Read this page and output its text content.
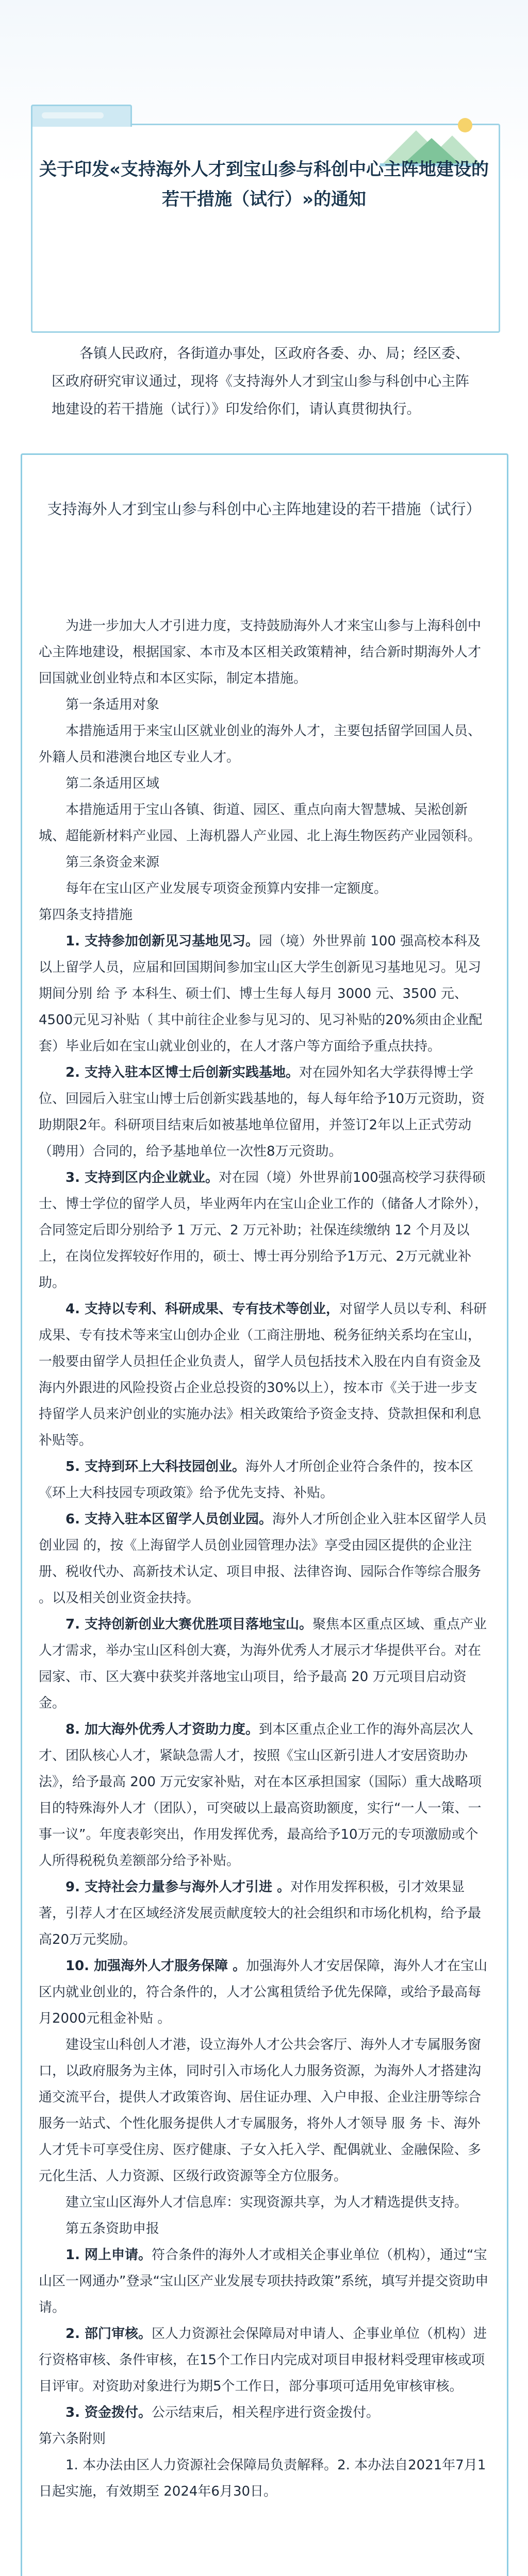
关于印发«支持海外人才到宝山参与科创中心主阵地建设的若干措施（试行）»的通知
各镇人民政府，各街道办事处，区政府各委、办、局；经区委、区政府研究审议通过，现将《支持海外人才到宝山参与科创中心主阵地建设的若干措施（试行）》印发给你们，请认真贯彻执行。
支持海外人才到宝山参与科创中心主阵地建设的若干措施（试行）

为进一步加大人才引进力度，支持鼓励海外人才来宝山参与上海科创中心主阵地建设，根据国家、本市及本区相关政策精神，结合新时期海外人才回国就业创业特点和本区实际，制定本措施。

第一条适用对象

本措施适用于来宝山区就业创业的海外人才，主要包括留学回国人员、外籍人员和港澳台地区专业人才。

第二条适用区域

本措施适用于宝山各镇、街道、园区、重点向南大智慧城、吴淞创新城、超能新材料产业园、上海机器人产业园、北上海生物医药产业园领科。

第三条资金来源

每年在宝山区产业发展专项资金预算内安排一定额度。

第四条支持措施

1. 支持参加创新见习基地见习。园（境）外世界前 100 强高校本科及以上留学人员，应届和回国期间参加宝山区大学生创新见习基地见习。见习期间分别 给 予 本科生、硕士们、博士生每人每月 3000 元、3500 元、4500元见习补贴（ 其中前往企业参与见习的、见习补贴的20%须由企业配套）毕业后如在宝山就业创业的，在人才落户等方面给予重点扶持。

2. 支持入驻本区博士后创新实践基地。对在园外知名大学获得博士学位、回园后入驻宝山博士后创新实践基地的，每人每年给予10万元资助，资助期限2年。科研项目结束后如被基地单位留用，并签订2年以上正式劳动（聘用）合同的，给予基地单位一次性8万元资助。

3. 支持到区内企业就业。对在园（境）外世界前100强高校学习获得硕士、博士学位的留学人员，毕业两年内在宝山企业工作的（储备人才除外），合同签定后即分别给予 1 万元、2 万元补助；社保连续缴纳 12 个月及以上，在岗位发挥较好作用的，硕士、博士再分别给予1万元、2万元就业补助。

4. 支持以专利、科研成果、专有技术等创业，对留学人员以专利、科研成果、专有技术等来宝山创办企业（工商注册地、税务征纳关系均在宝山，一般要由留学人员担任企业负责人，留学人员包括技术入股在内自有资金及海内外跟进的风险投资占企业总投资的30%以上），按本市《关于进一步支持留学人员来沪创业的实施办法》相关政策给予资金支持、贷款担保和利息补贴等。

5. 支持到环上大科技园创业。海外人才所创企业符合条件的，按本区《环上大科技园专项政策》给予优先支持、补贴。

6. 支持入驻本区留学人员创业园。海外人才所创企业入驻本区留学人员创业园 的，按《上海留学人员创业园管理办法》享受由园区提供的企业注册、税收代办、高新技术认定、项目申报、法律咨询、园际合作等综合服务 。以及相关创业资金扶持。

7. 支持创新创业大赛优胜项目落地宝山。聚焦本区重点区域、重点产业人才需求，举办宝山区科创大赛，为海外优秀人才展示才华提供平台。对在园家、市、区大赛中获奖并落地宝山项目，给予最高 20 万元项目启动资金。

8. 加大海外优秀人才资助力度。到本区重点企业工作的海外高层次人才、团队核心人才，紧缺急需人才，按照《宝山区新引进人才安居资助办法》，给予最高 200 万元安家补贴，对在本区承担国家（国际）重大战略项目的特殊海外人才（团队），可突破以上最高资助额度，实行“一人一策、一事一议”。年度表彰突出，作用发挥优秀，最高给予10万元的专项激励或个人所得税税负差额部分给予补贴。

9. 支持社会力量参与海外人才引进 。对作用发挥积极，引才效果显著，引荐人才在区域经济发展贡献度较大的社会组织和市场化机构，给予最高20万元奖励。

10. 加强海外人才服务保障 。加强海外人才安居保障，海外人才在宝山区内就业创业的，符合条件的，人才公寓租赁给予优先保障，或给予最高每月2000元租金补贴 。

建设宝山科创人才港，设立海外人才公共会客厅、海外人才专属服务窗口，以政府服务为主体，同时引入市场化人力服务资源，为海外人才搭建沟通交流平台，提供人才政策咨询、居住证办理、入户申报、企业注册等综合服务一站式、个性化服务提供人才专属服务，将外人才领导 服 务 卡、海外人才凭卡可享受住房、医疗健康、子女入托入学、配偶就业、金融保险、多元化生活、人力资源、区级行政资源等全方位服务。

建立宝山区海外人才信息库：实现资源共享，为人才精选提供支持。

第五条资助申报

1. 网上申请。符合条件的海外人才或相关企事业单位（机构），通过“宝山区一网通办”登录“宝山区产业发展专项扶持政策”系统，填写并提交资助申请。

2. 部门审核。区人力资源社会保障局对申请人、企事业单位（机构）进行资格审核、条件审核，在15个工作日内完成对项目申报材料受理审核或项目评审。对资助对象进行为期5个工作日，部分事项可适用免审核审核。

3. 资金拨付。公示结束后，相关程序进行资金拨付。

第六条附则

1. 本办法由区人力资源社会保障局负责解释。2. 本办法自2021年7月1日起实施，有效期至 2024年6月30日。
